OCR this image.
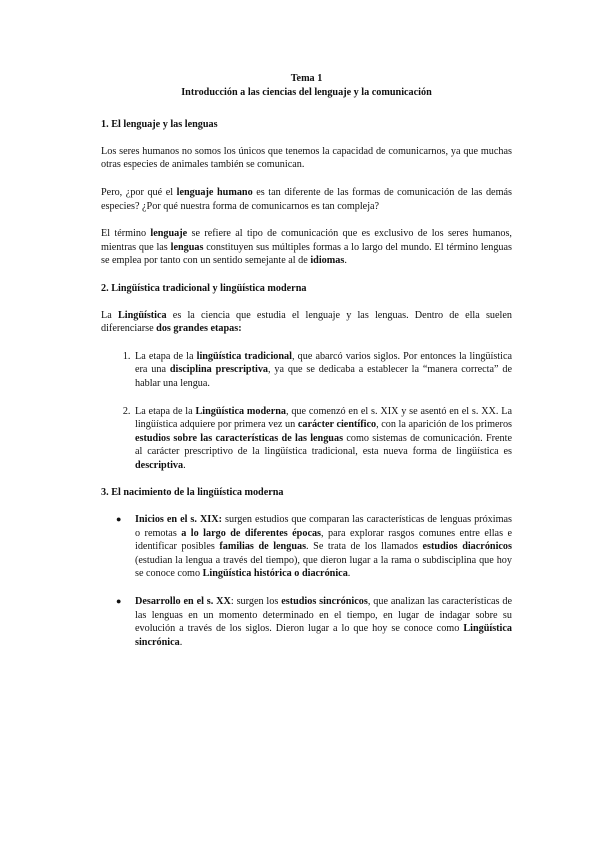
Tema 1

Introducción a las ciencias del lenguaje y la comunicación

1. El lenguaje y las lenguas

Los seres humanos no somos los únicos que tenemos la capacidad de comunicarnos, ya que muchas otras especies de animales también se comunican.

Pero, ¿por qué el lenguaje humano es tan diferente de las formas de comunicación de las demás especies? ¿Por qué nuestra forma de comunicarnos es tan compleja?

El término lenguaje se refiere al tipo de comunicación que es exclusivo de los seres humanos, mientras que las lenguas constituyen sus múltiples formas a lo largo del mundo. El término lenguas se emplea por tanto con un sentido semejante al de idiomas.

2. Lingüística tradicional y lingüística moderna

La Lingüística es la ciencia que estudia el lenguaje y las lenguas. Dentro de ella suelen diferenciarse dos grandes etapas:

1. La etapa de la lingüística tradicional, que abarcó varios siglos. Por entonces la lingüística era una disciplina prescriptiva, ya que se dedicaba a establecer la “manera correcta” de hablar una lengua.
2. La etapa de la Lingüística moderna, que comenzó en el s. XIX y se asentó en el s. XX. La lingüística adquiere por primera vez un carácter científico, con la aparición de los primeros estudios sobre las características de las lenguas como sistemas de comunicación. Frente al carácter prescriptivo de la lingüística tradicional, esta nueva forma de lingüística es descriptiva.
3. El nacimiento de la lingüística moderna
● Inicios en el s. XIX: surgen estudios que comparan las características de lenguas próximas o remotas a lo largo de diferentes épocas, para explorar rasgos comunes entre ellas e identificar posibles familias de lenguas. Se trata de los llamados estudios diacrónicos (estudian la lengua a través del tiempo), que dieron lugar a la rama o subdisciplina que hoy se conoce como Lingüística histórica o diacrónica.
● Desarrollo en el s. XX: surgen los estudios sincrónicos, que analizan las características de las lenguas en un momento determinado en el tiempo, en lugar de indagar sobre su evolución a través de los siglos. Dieron lugar a lo que hoy se conoce como Lingüística sincrónica.
